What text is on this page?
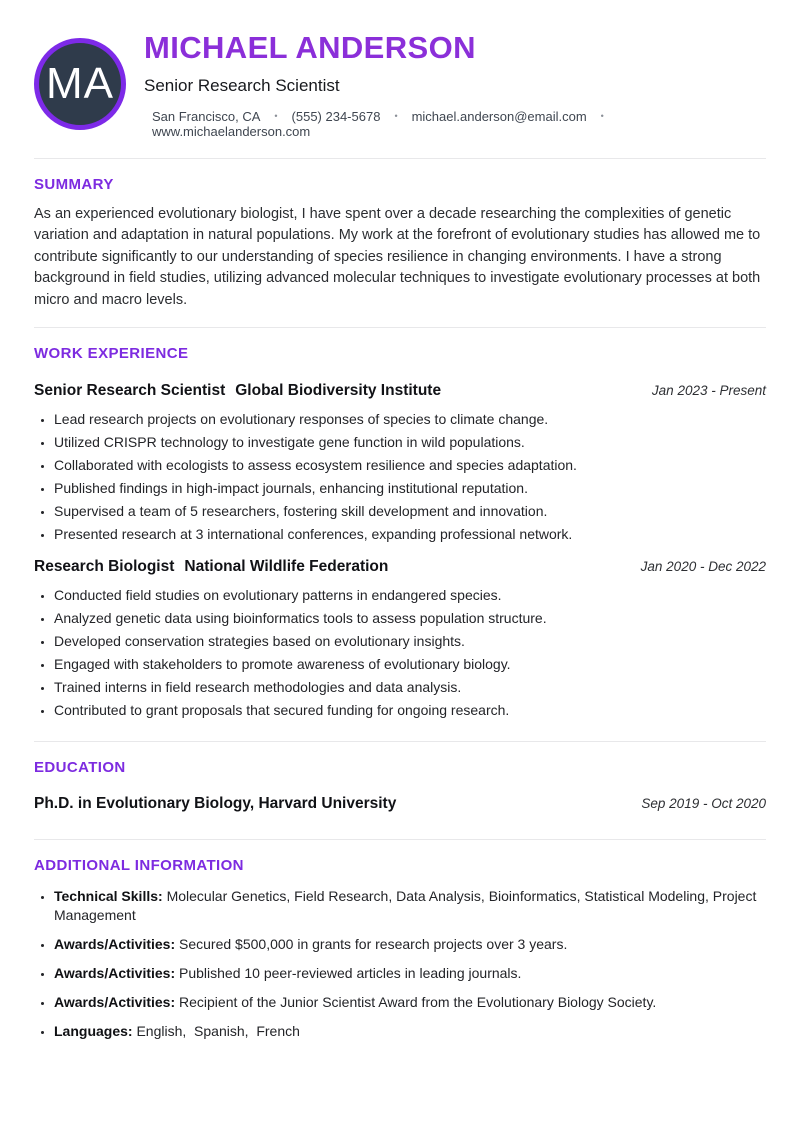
MA
MICHAEL ANDERSON
Senior Research Scientist
San Francisco, CA • (555) 234-5678 • michael.anderson@email.com •
www.michaelanderson.com
SUMMARY

As an experienced evolutionary biologist, I have spent over a decade researching the complexities of genetic variation and adaptation in natural populations. My work at the forefront of evolutionary studies has allowed me to contribute significantly to our understanding of species resilience in changing environments. I have a strong background in field studies, utilizing advanced molecular techniques to investigate evolutionary processes at both micro and macro levels.

WORK EXPERIENCE
Senior Research Scientist Global Biodiversity Institute	Jan 2023 - Present
• Lead research projects on evolutionary responses of species to climate change.
• Utilized CRISPR technology to investigate gene function in wild populations.
• Collaborated with ecologists to assess ecosystem resilience and species adaptation.
• Published findings in high-impact journals, enhancing institutional reputation.
• Supervised a team of 5 researchers, fostering skill development and innovation.
• Presented research at 3 international conferences, expanding professional network.
Research Biologist National Wildlife Federation	Jan 2020 - Dec 2022
• Conducted field studies on evolutionary patterns in endangered species.
• Analyzed genetic data using bioinformatics tools to assess population structure.
• Developed conservation strategies based on evolutionary insights.
• Engaged with stakeholders to promote awareness of evolutionary biology.
• Trained interns in field research methodologies and data analysis.
• Contributed to grant proposals that secured funding for ongoing research.
EDUCATION
Ph.D. in Evolutionary Biology, Harvard University	Sep 2019 - Oct 2020
ADDITIONAL INFORMATION
• Technical Skills: Molecular Genetics, Field Research, Data Analysis, Bioinformatics, Statistical Modeling, Project Management
• Awards/Activities: Secured $500,000 in grants for research projects over 3 years.
• Awards/Activities: Published 10 peer-reviewed articles in leading journals.
• Awards/Activities: Recipient of the Junior Scientist Award from the Evolutionary Biology Society.
• Languages: English,  Spanish,  French
